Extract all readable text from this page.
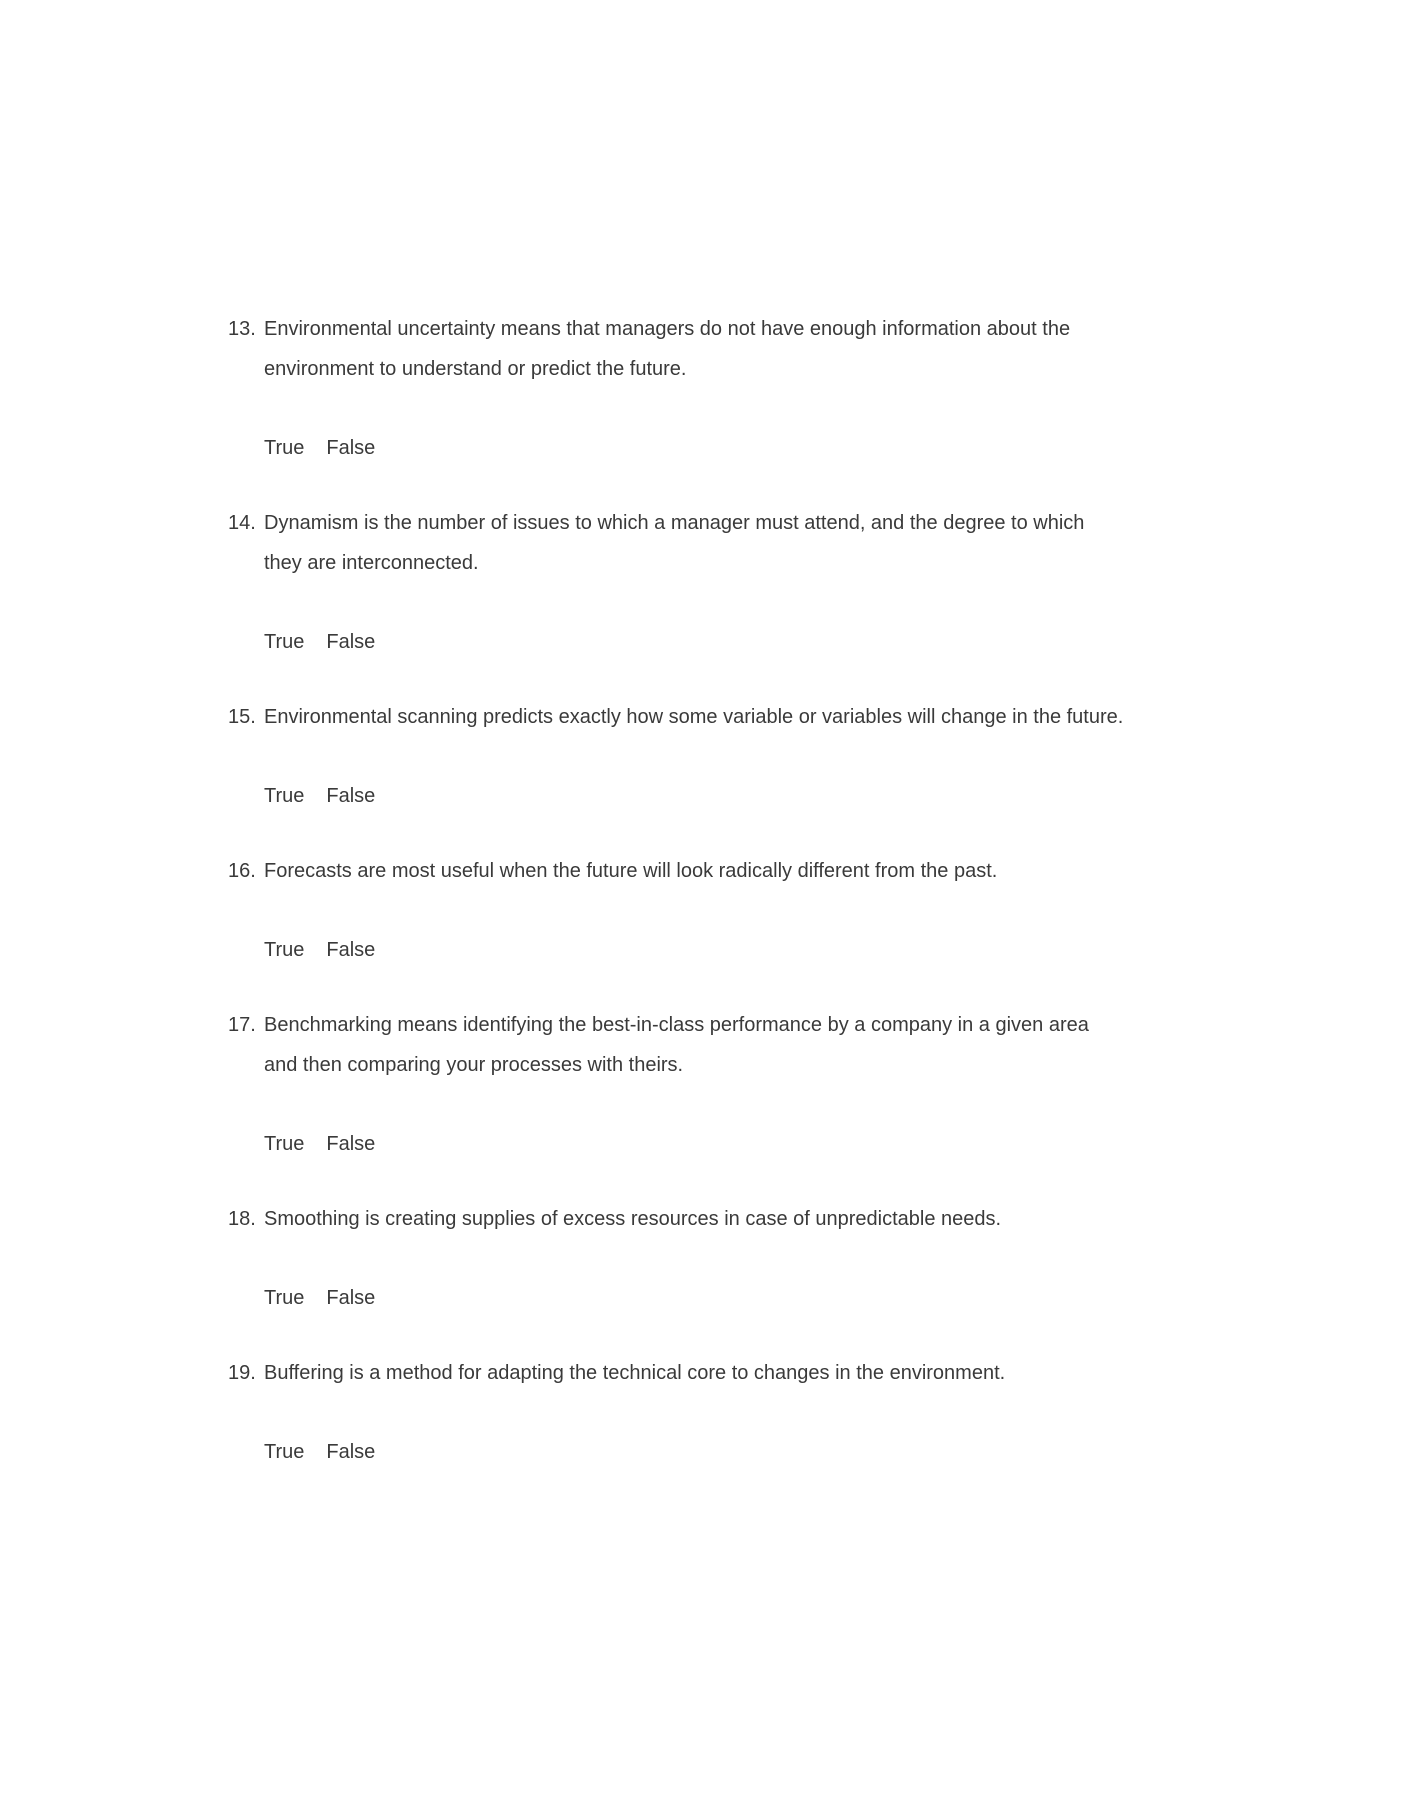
13. Environmental uncertainty means that managers do not have enough information about the environment to understand or predict the future.
True False
14. Dynamism is the number of issues to which a manager must attend, and the degree to which they are interconnected.
True False
15. Environmental scanning predicts exactly how some variable or variables will change in the future.
True False
16. Forecasts are most useful when the future will look radically different from the past.
True False
17. Benchmarking means identifying the best-in-class performance by a company in a given area and then comparing your processes with theirs.
True False
18. Smoothing is creating supplies of excess resources in case of unpredictable needs.
True False
19. Buffering is a method for adapting the technical core to changes in the environment.
True False
